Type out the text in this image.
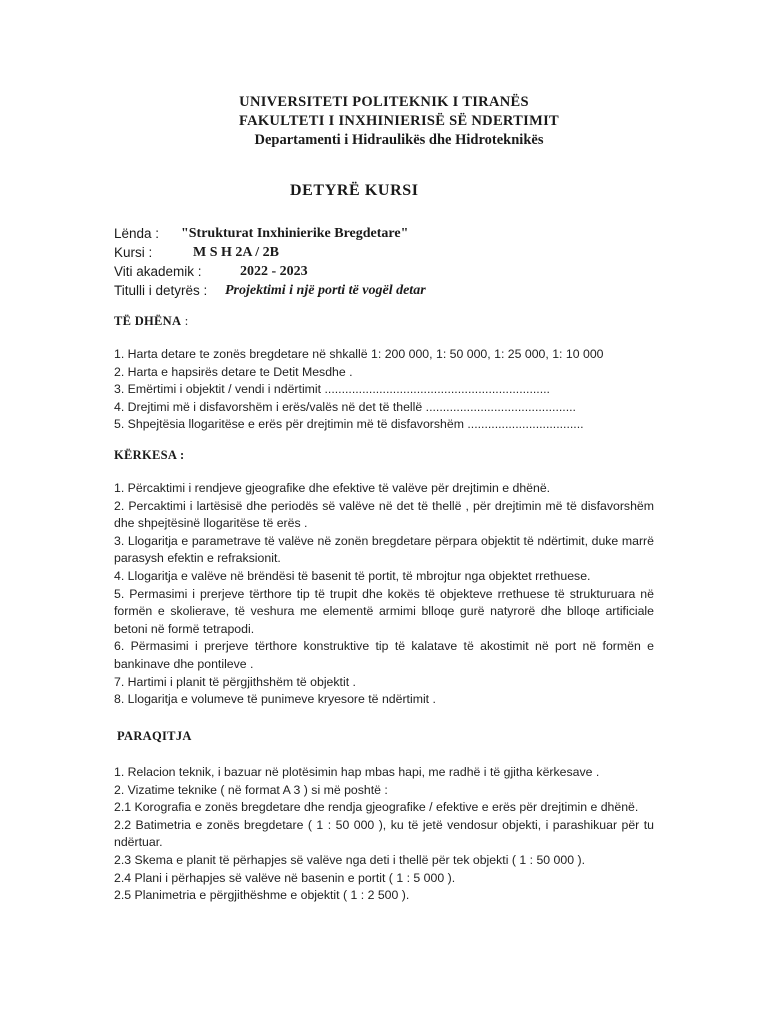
UNIVERSITETI POLITEKNIK I TIRANËS
FAKULTETI I INXHINIERISË SË NDERTIMIT
Departamenti i Hidraulikës dhe Hidroteknikës
DETYRË KURSI
Lënda : "Strukturat Inxhinierike Bregdetare"
Kursi :	M S H 2A / 2B
Viti akademik :	2022 - 2023
Titulli i detyrës : Projektimi i një porti të vogël detar
TË DHËNA :

1. Harta detare te zonës bregdetare në shkallë 1: 200 000, 1: 50 000, 1: 25 000, 1: 10 000

2. Harta e hapsirës detare te Detit Mesdhe .

3. Emërtimi i objektit / vendi i ndërtimit ..................................................................

4. Drejtimi më i disfavorshëm i erës/valës në det të thellë ............................................

5. Shpejtësia llogaritëse e erës për drejtimin më të disfavorshëm ..................................

KËRKESA :

1. Përcaktimi i rendjeve gjeografike dhe efektive të valëve për drejtimin e dhënë.

2. Percaktimi i lartësisë dhe periodës së valëve në det të thellë , për drejtimin më të disfavorshëm dhe shpejtësinë llogaritëse të erës .

3. Llogaritja e parametrave të valëve në zonën bregdetare përpara objektit të ndërtimit, duke marrë parasysh efektin e refraksionit.

4. Llogaritja e valëve në brëndësi të basenit të portit, të mbrojtur nga objektet rrethuese.

5. Permasimi i prerjeve tërthore tip të trupit dhe kokës të objekteve rrethuese të strukturuara në formën e skolierave, të veshura me elementë armimi blloqe gurë natyrorë dhe blloqe artificiale betoni në formë tetrapodi.

6. Përmasimi i prerjeve tërthore konstruktive tip të kalatave të akostimit në port në formën e bankinave dhe pontileve .

7. Hartimi i planit të përgjithshëm të objektit .

8. Llogaritja e volumeve të punimeve kryesore të ndërtimit .

PARAQITJA

1. Relacion teknik, i bazuar në plotësimin hap mbas hapi, me radhë i të gjitha kërkesave .

2. Vizatime teknike ( në format A 3 ) si më poshtë :

2.1 Korografia e zonës bregdetare dhe rendja gjeografike / efektive e erës për drejtimin e dhënë.

2.2 Batimetria e zonës bregdetare ( 1 : 50 000 ), ku të jetë vendosur objekti, i parashikuar për tu ndërtuar.

2.3 Skema e planit të përhapjes së valëve nga deti i thellë për tek objekti ( 1 : 50 000 ).

2.4 Plani i përhapjes së valëve në basenin e portit ( 1 : 5 000 ).

2.5 Planimetria e përgjithëshme e objektit ( 1 : 2 500 ).
